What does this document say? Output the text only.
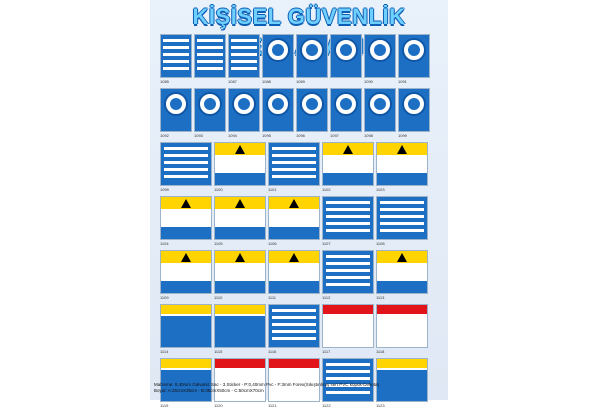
KİŞİSEL GÜVENLİK
1085	1087	1088	1089	1090	1091
1092	1093	1094	1095	1096	1097	1098	1099
1099	1100	1101	1102	1103
1104	1105	1106	1107	1108
1109	1110	1111	1112	1113
1114	1115	1116	1117	1118
1119	1120	1121	1122	1123
Malzeme: 0,40mm Galvaniz Sac - 3.Sticker - P:0,40mm Pvc - F:3mm Forex(Sıkıştırılmış sert PVC köpük-Dekota)
Boyut: A:25cmX35cm - B:35cmX50cm - C:50cmX70cm
